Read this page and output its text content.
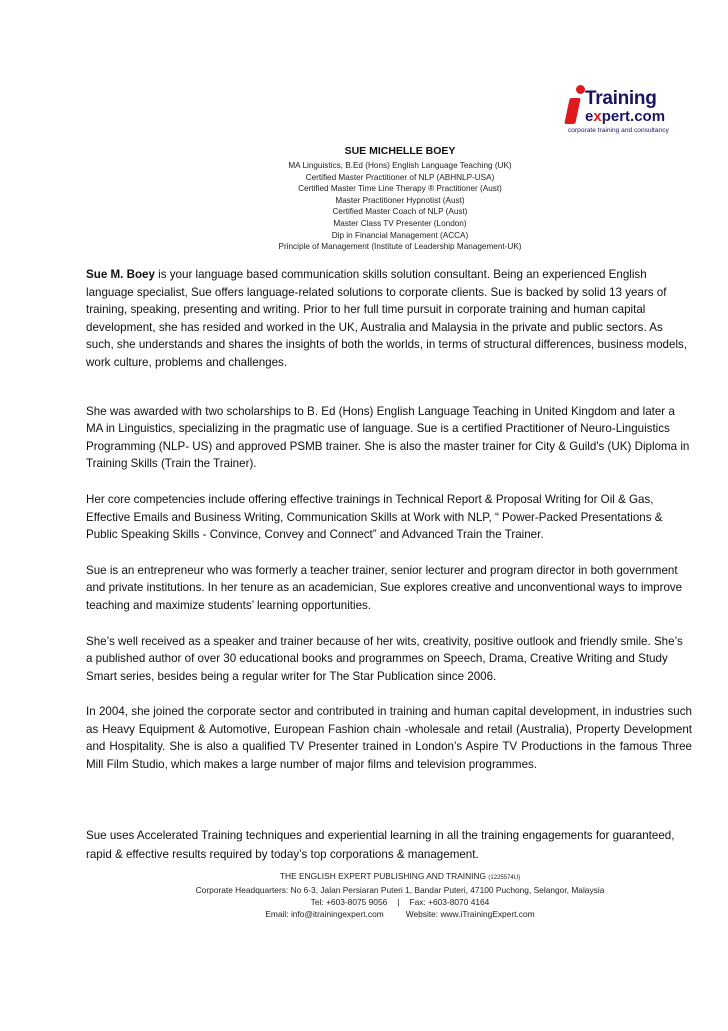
Training
expert.com
corporate training and consultancy
SUE MICHELLE BOEY
MA Linguistics, B.Ed (Hons) English Language Teaching (UK)
Certified Master Practitioner of NLP (ABHNLP-USA)
Certified Master Time Line Therapy ® Practitioner (Aust)
Master Practitioner Hypnotist (Aust)
Certified Master Coach of NLP (Aust)
Master Class TV Presenter (London)
Dip in Financial Management (ACCA)
Principle of Management (Institute of Leadership Management-UK)

Sue M. Boey is your language based communication skills solution consultant. Being an experienced English language specialist, Sue offers language-related solutions to corporate clients. Sue is backed by solid 13 years of training, speaking, presenting and writing. Prior to her full time pursuit in corporate training and human capital development, she has resided and worked in the UK, Australia and Malaysia in the private and public sectors. As such, she understands and shares the insights of both the worlds, in terms of structural differences, business models, work culture, problems and challenges.

She was awarded with two scholarships to B. Ed (Hons) English Language Teaching in United Kingdom and later a MA in Linguistics, specializing in the pragmatic use of language. Sue is a certified Practitioner of Neuro-Linguistics Programming (NLP- US) and approved PSMB trainer. She is also the master trainer for City & Guild's (UK) Diploma in Training Skills (Train the Trainer).

Her core competencies include offering effective trainings in Technical Report & Proposal Writing for Oil & Gas, Effective Emails and Business Writing, Communication Skills at Work with NLP, “ Power-Packed Presentations & Public Speaking Skills - Convince, Convey and Connect” and Advanced Train the Trainer.

Sue is an entrepreneur who was formerly a teacher trainer, senior lecturer and program director in both government and private institutions. In her tenure as an academician, Sue explores creative and unconventional ways to improve teaching and maximize students’ learning opportunities.

She’s well received as a speaker and trainer because of her wits, creativity, positive outlook and friendly smile. She’s a published author of over 30 educational books and programmes on Speech, Drama, Creative Writing and Study Smart series, besides being a regular writer for The Star Publication since 2006.

In 2004, she joined the corporate sector and contributed in training and human capital development, in industries such as Heavy Equipment & Automotive, European Fashion chain -wholesale and retail (Australia), Property Development and Hospitality. She is also a qualified TV Presenter trained in London’s Aspire TV Productions in the famous Three Mill Film Studio, which makes a large number of major films and television programmes.

Sue uses Accelerated Training techniques and experiential learning in all the training engagements for guaranteed, rapid & effective results required by today’s top corporations & management.

THE ENGLISH EXPERT PUBLISHING AND TRAINING (1225574U)
Corporate Headquarters: No 6-3, Jalan Persiaran Puteri 1, Bandar Puteri, 47100 Puchong, Selangor, Malaysia
Tel: +603-8075 9056 | Fax: +603-8070 4164
Email: info@itrainingexpert.com	Website: www.iTrainingExpert.com
